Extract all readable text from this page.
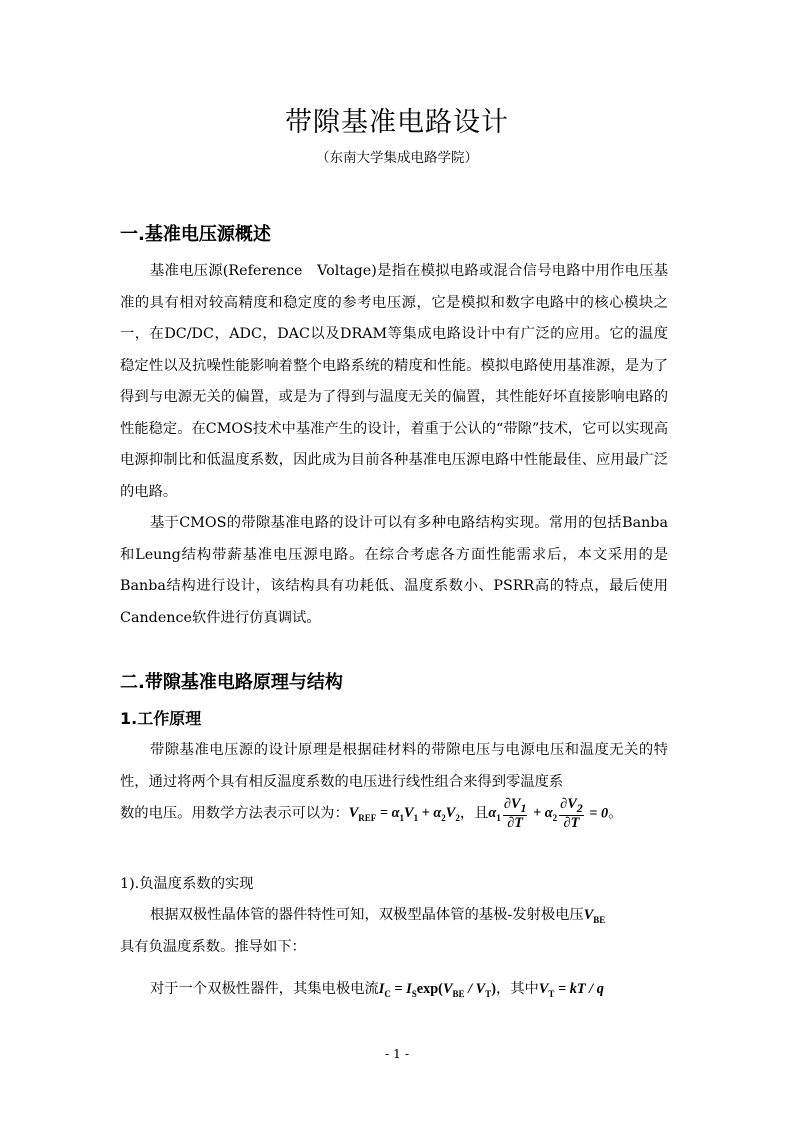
带隙基准电路设计

（东南大学集成电路学院）

一.基准电压源概述

基准电压源(Reference　Voltage)是指在模拟电路或混合信号电路中用作电压基准的具有相对较高精度和稳定度的参考电压源，它是模拟和数字电路中的核心模块之一，在DC/DC，ADC，DAC以及DRAM等集成电路设计中有广泛的应用。它的温度稳定性以及抗噪性能影响着整个电路系统的精度和性能。模拟电路使用基准源，是为了得到与电源无关的偏置，或是为了得到与温度无关的偏置，其性能好坏直接影响电路的性能稳定。在CMOS技术中基准产生的设计，着重于公认的“带隙”技术，它可以实现高电源抑制比和低温度系数，因此成为目前各种基准电压源电路中性能最佳、应用最广泛的电路。

基于CMOS的带隙基准电路的设计可以有多种电路结构实现。常用的包括Banba和Leung结构带薪基准电压源电路。在综合考虑各方面性能需求后，本文采用的是Banba结构进行设计，该结构具有功耗低、温度系数小、PSRR高的特点，最后使用Candence软件进行仿真调试。

二.带隙基准电路原理与结构
1.工作原理

带隙基准电压源的设计原理是根据硅材料的带隙电压与电源电压和温度无关的特性，通过将两个具有相反温度系数的电压进行线性组合来得到零温度系

数的电压。用数学方法表示可以为：$V_{REF} = \alpha_1V_1 + \alpha_2V_2$，且$\alpha_1 \frac{\partial V_1}{\partial T} + \alpha_2 \frac{\partial V_2}{\partial T} = 0$。

1).负温度系数的实现

根据双极性晶体管的器件特性可知，双极型晶体管的基极-发射极电压$V_{BE}$
具有负温度系数。推导如下：
对于一个双极性器件，其集电极电流$I_C = I_S\exp(V_{BE} / V_T)$，其中$V_T$ = kT / q

- 1 -
